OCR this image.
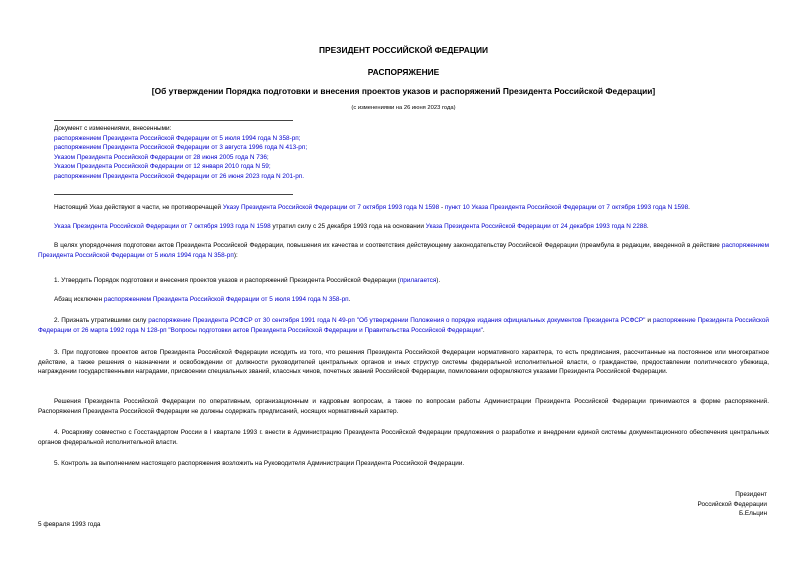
ПРЕЗИДЕНТ РОССИЙСКОЙ ФЕДЕРАЦИИ
РАСПОРЯЖЕНИЕ
[Об утверждении Порядка подготовки и внесения проектов указов и распоряжений Президента Российской Федерации]
(с изменениями на 26 июня 2023 года)
Документ с изменениями, внесенными:
распоряжением Президента Российской Федерации от 5 июля 1994 года N 358-рп;
распоряжением Президента Российской Федерации от 3 августа 1996 года N 413-рп;
Указом Президента Российской Федерации от 28 июня 2005 года N 736;
Указом Президента Российской Федерации от 12 января 2010 года N 59;
распоряжением Президента Российской Федерации от 26 июня 2023 года N 201-рп.
Настоящий Указ действуют в части, не противоречащей Указу Президента Российской Федерации от 7 октября 1993 года N 1598 - пункт 10 Указа Президента Российской Федерации от 7 октября 1993 года N 1598.
Указа Президента Российской Федерации от 7 октября 1993 года N 1598 утратил силу с 25 декабря 1993 года на основании Указа Президента Российской Федерации от 24 декабря 1993 года N 2288.
В целях упорядочения подготовки актов Президента Российской Федерации, повышения их качества и соответствия действующему законодательству Российской Федерации (преамбула в редакции, введенной в действие распоряжением Президента Российской Федерации от 5 июля 1994 года N 358-рп):
1. Утвердить Порядок подготовки и внесения проектов указов и распоряжений Президента Российской Федерации (прилагается).
Абзац исключен распоряжением Президента Российской Федерации от 5 июля 1994 года N 358-рп.
2. Признать утратившими силу распоряжение Президента РСФСР от 30 сентября 1991 года N 49-рп "Об утверждении Положения о порядке издания официальных документов Президента РСФСР" и распоряжение Президента Российской Федерации от 26 марта 1992 года N 128-рп "Вопросы подготовки актов Президента Российской Федерации и Правительства Российской Федерации".
3. При подготовке проектов актов Президента Российской Федерации исходить из того, что решения Президента Российской Федерации нормативного характера, то есть предписания, рассчитанные на постоянное или многократное действие, а также решения о назначении и освобождении от должности руководителей центральных органов и иных структур системы федеральной исполнительной власти, о гражданстве, предоставлении политического убежища, награждении государственными наградами, присвоении специальных званий, классных чинов, почетных званий Российской Федерации, помиловании оформляются указами Президента Российской Федерации.
Решения Президента Российской Федерации по оперативным, организационным и кадровым вопросам, а также по вопросам работы Администрации Президента Российской Федерации принимаются в форме распоряжений. Распоряжения Президента Российской Федерации не должны содержать предписаний, носящих нормативный характер.
4. Росархиву совместно с Госстандартом России в I квартале 1993 г. внести в Администрацию Президента Российской Федерации предложения о разработке и внедрении единой системы документационного обеспечения центральных органов федеральной исполнительной власти.
5. Контроль за выполнением настоящего распоряжения возложить на Руководителя Администрации Президента Российской Федерации.
Президент
Российской Федерации
Б.Ельцин
5 февраля 1993 года
